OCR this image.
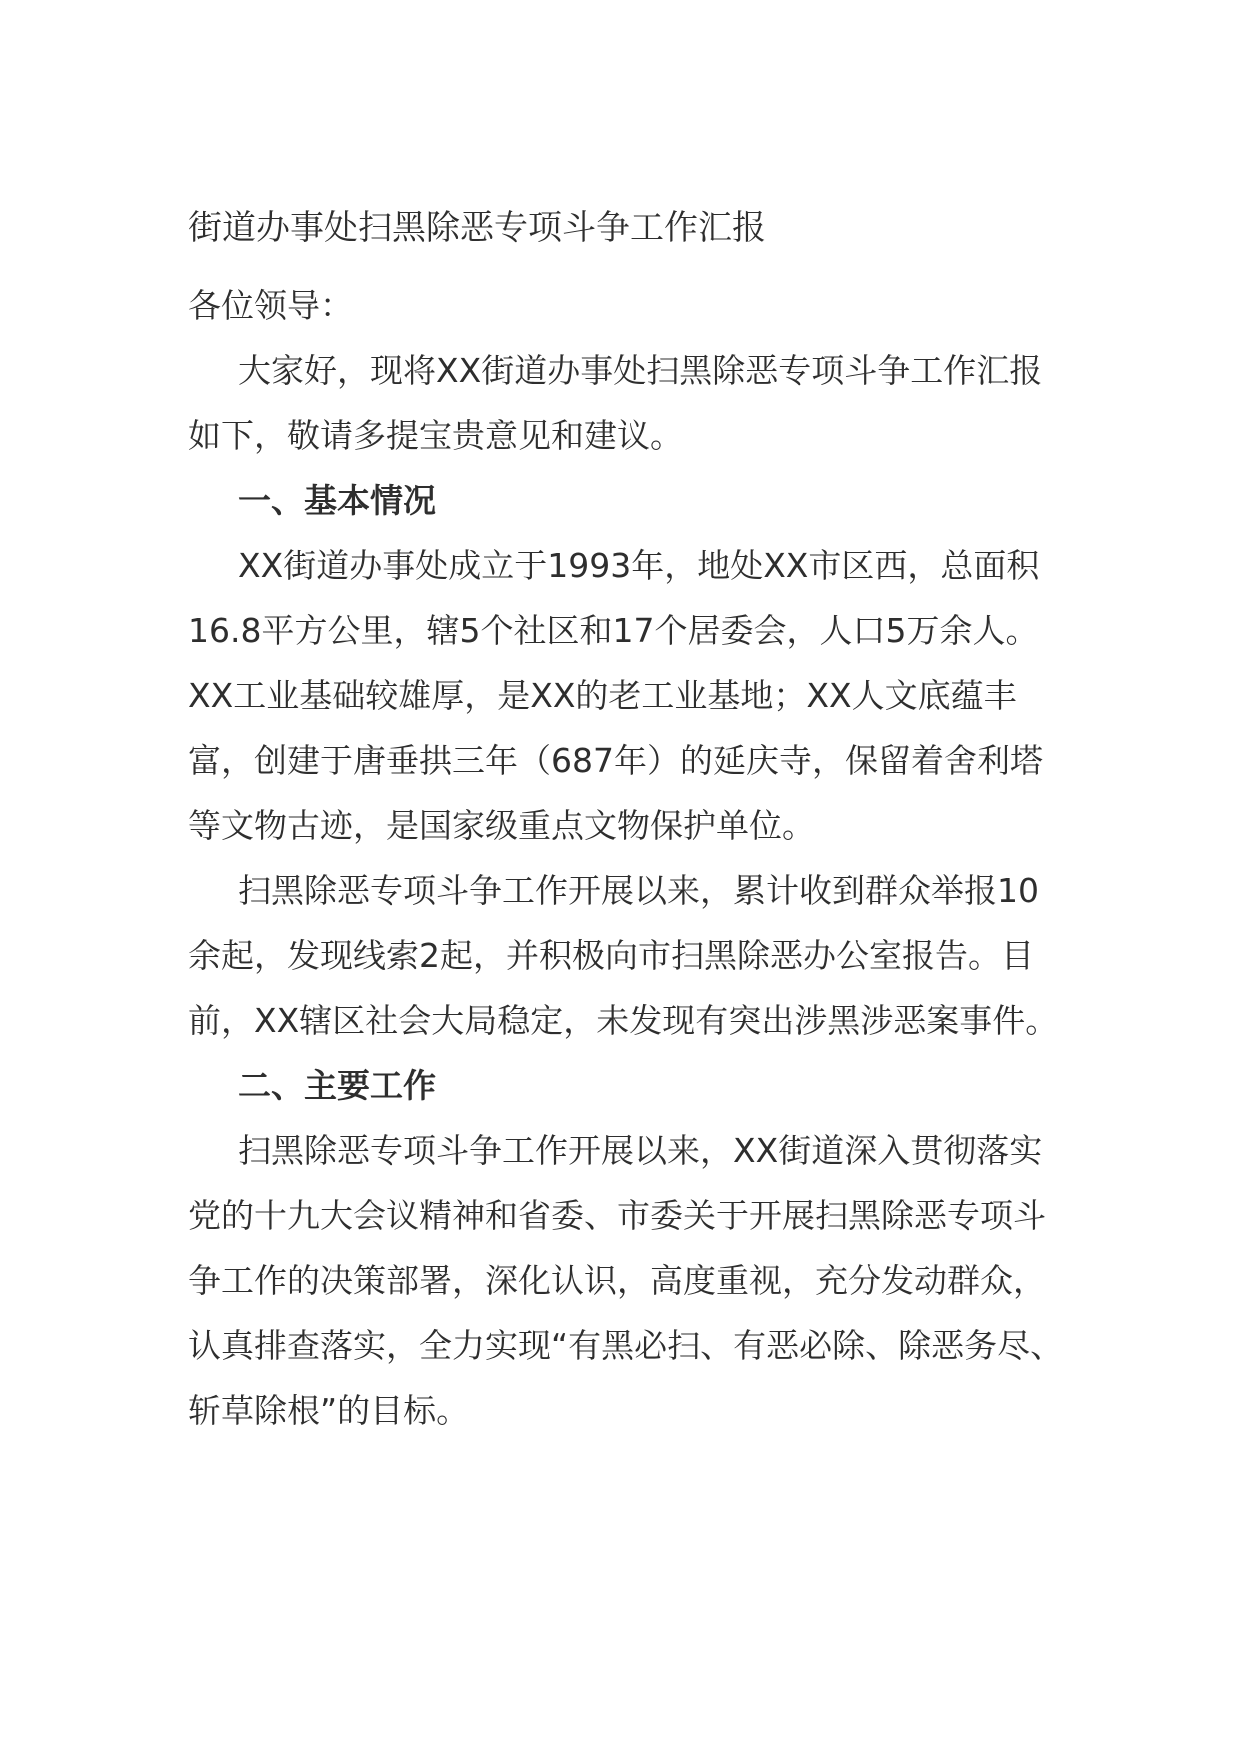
街道办事处扫黑除恶专项斗争工作汇报

各位领导：

大家好，现将XX街道办事处扫黑除恶专项斗争工作汇报如下，敬请多提宝贵意见和建议。

一、基本情况

XX街道办事处成立于1993年，地处XX市区西，总面积16.8平方公里，辖5个社区和17个居委会，人口5万余人。XX工业基础较雄厚，是XX的老工业基地；XX人文底蕴丰富，创建于唐垂拱三年（687年）的延庆寺，保留着舍利塔等文物古迹，是国家级重点文物保护单位。

扫黑除恶专项斗争工作开展以来，累计收到群众举报10余起，发现线索2起，并积极向市扫黑除恶办公室报告。目前，XX辖区社会大局稳定，未发现有突出涉黑涉恶案事件。

二、主要工作

扫黑除恶专项斗争工作开展以来，XX街道深入贯彻落实党的十九大会议精神和省委、市委关于开展扫黑除恶专项斗争工作的决策部署，深化认识，高度重视，充分发动群众，认真排查落实，全力实现“有黑必扫、有恶必除、除恶务尽、斩草除根”的目标。
